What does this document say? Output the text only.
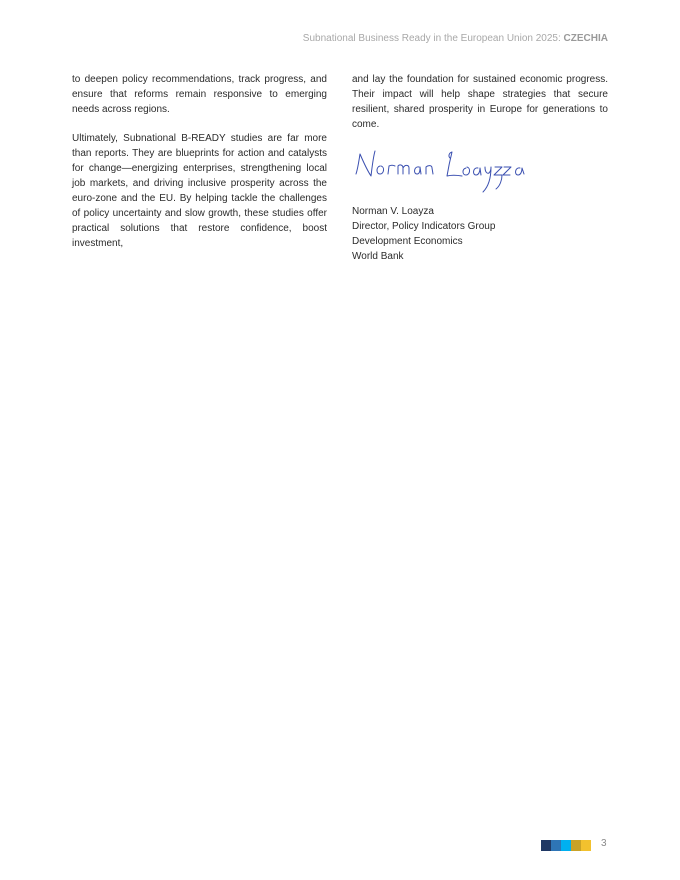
Subnational Business Ready in the European Union 2025: CZECHIA

to deepen policy recommendations, track progress, and ensure that reforms remain responsive to emerging needs across regions.

Ultimately, Subnational B-READY studies are far more than reports. They are blueprints for action and catalysts for change—energizing enterprises, strengthening local job markets, and driving inclusive prosperity across the euro-zone and the EU. By helping tackle the challenges of policy uncertainty and slow growth, these studies offer practical solutions that restore confidence, boost investment,

and lay the foundation for sustained economic progress. Their impact will help shape strategies that secure resilient, shared prosperity in Europe for generations to come.

Norman V. Loayza
Director, Policy Indicators Group
Development Economics
World Bank
3
